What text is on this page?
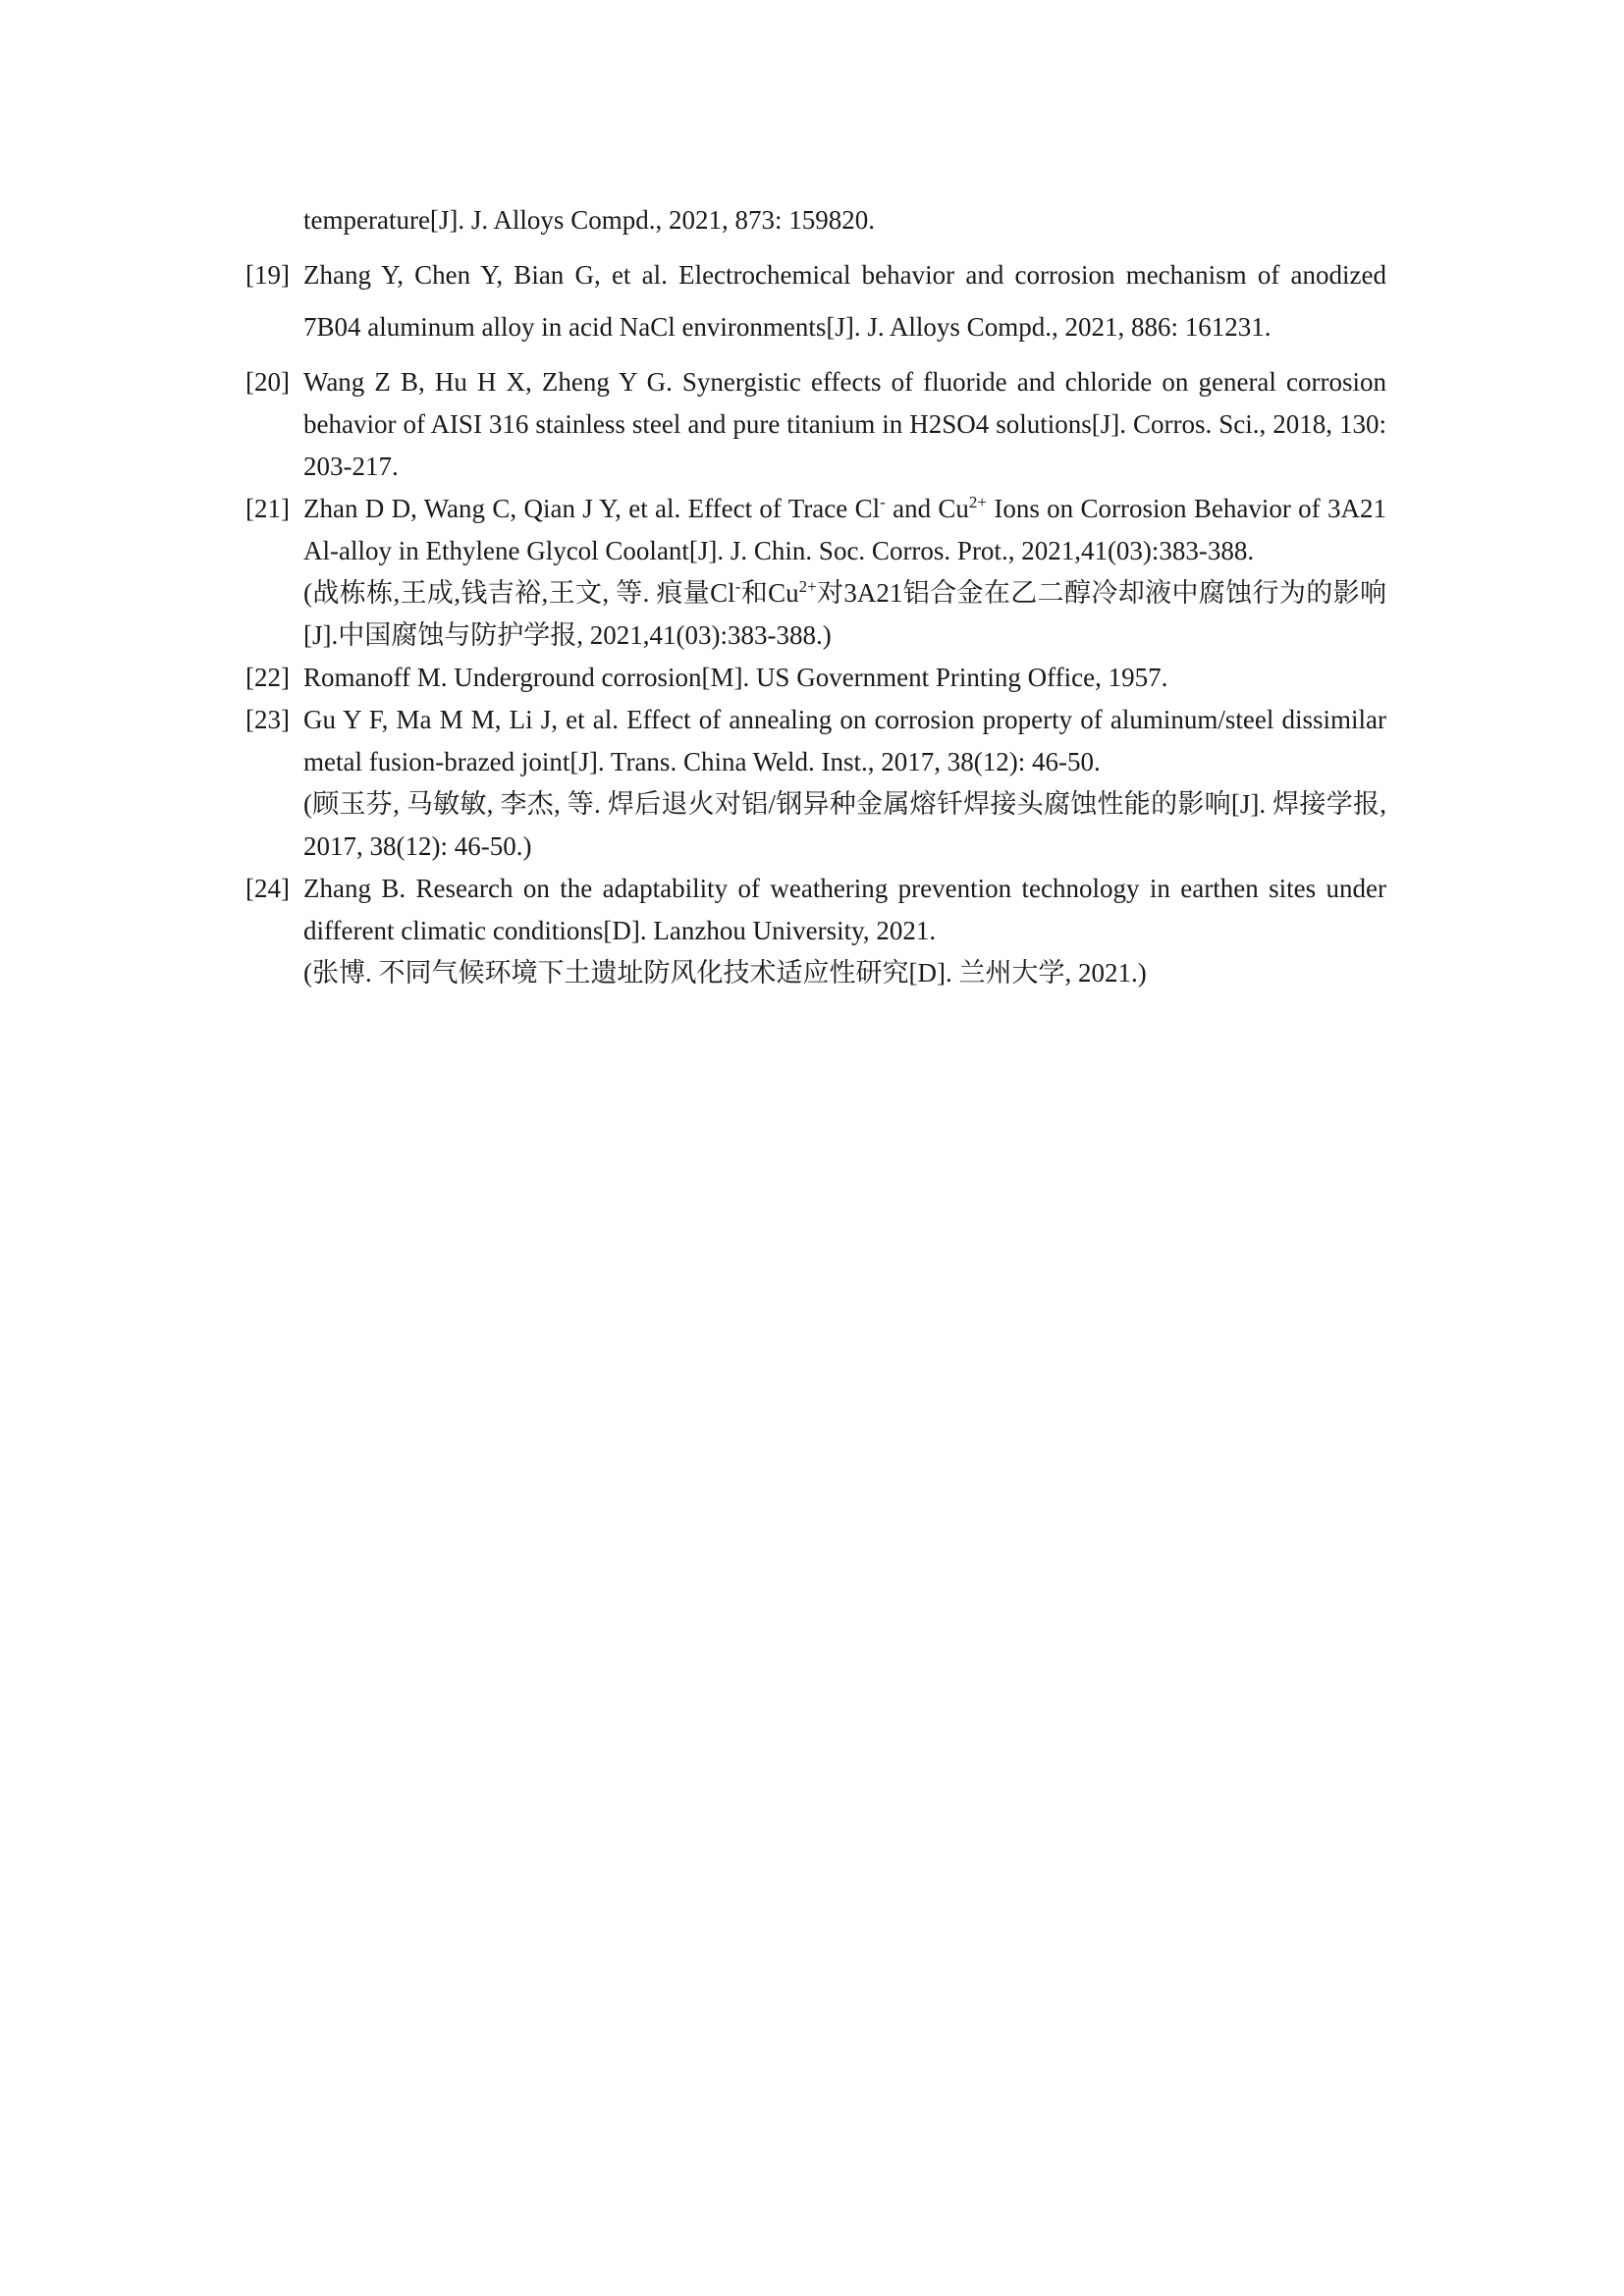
temperature[J]. J. Alloys Compd., 2021, 873: 159820.
[19] Zhang Y, Chen Y, Bian G, et al. Electrochemical behavior and corrosion mechanism of anodized 7B04 aluminum alloy in acid NaCl environments[J]. J. Alloys Compd., 2021, 886: 161231.
[20] Wang Z B, Hu H X, Zheng Y G. Synergistic effects of fluoride and chloride on general corrosion behavior of AISI 316 stainless steel and pure titanium in H2SO4 solutions[J]. Corros. Sci., 2018, 130: 203-217.
[21] Zhan D D, Wang C, Qian J Y, et al. Effect of Trace Cl- and $Cu^{2+}$ Ions on Corrosion Behavior of 3A21 Al-alloy in Ethylene Glycol Coolant[J]. J. Chin. Soc. Corros. Prot., 2021,41(03):383-388.
(战栋栋,王成,钱吉裕,王文, 等. 痕量Cl-和$Cu^{2+}$对3A21铝合金在乙二醇冷却液中腐蚀行为的影响[J].中国腐蚀与防护学报, 2021,41(03):383-388.)
[22] Romanoff M. Underground corrosion[M]. US Government Printing Office, 1957.
[23] Gu Y F, Ma M M, Li J, et al. Effect of annealing on corrosion property of aluminum/steel dissimilar metal fusion-brazed joint[J]. Trans. China Weld. Inst., 2017, 38(12): 46-50.
(顾玉芬, 马敏敏, 李杰, 等. 焊后退火对铝/钢异种金属熔钎焊接头腐蚀性能的影响[J]. 焊接学报, 2017, 38(12): 46-50.)
[24] Zhang B. Research on the adaptability of weathering prevention technology in earthen sites under different climatic conditions[D]. Lanzhou University, 2021.
(张博. 不同气候环境下土遗址防风化技术适应性研究[D]. 兰州大学, 2021.)
